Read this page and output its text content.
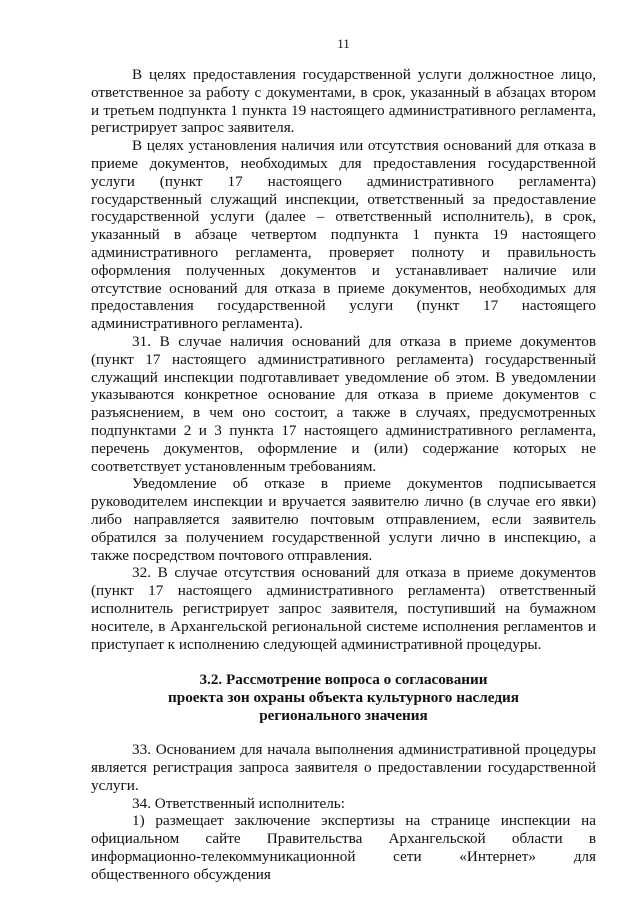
11

В целях предоставления государственной услуги должностное лицо, ответственное за работу с документами, в срок, указанный в абзацах втором и третьем подпункта 1 пункта 19 настоящего административного регламента, регистрирует запрос заявителя.

В целях установления наличия или отсутствия оснований для отказа в приеме документов, необходимых для предоставления государственной услуги (пункт 17 настоящего административного регламента) государственный служащий инспекции, ответственный за предоставление государственной услуги (далее – ответственный исполнитель), в срок, указанный в абзаце четвертом подпункта 1 пункта 19 настоящего административного регламента, проверяет полноту и правильность оформления полученных документов и устанавливает наличие или отсутствие оснований для отказа в приеме документов, необходимых для предоставления государственной услуги (пункт 17 настоящего административного регламента).

31. В случае наличия оснований для отказа в приеме документов (пункт 17 настоящего административного регламента) государственный служащий инспекции подготавливает уведомление об этом. В уведомлении указываются конкретное основание для отказа в приеме документов с разъяснением, в чем оно состоит, а также в случаях, предусмотренных подпунктами 2 и 3 пункта 17 настоящего административного регламента, перечень документов, оформление и (или) содержание которых не соответствует установленным требованиям.

Уведомление об отказе в приеме документов подписывается руководителем инспекции и вручается заявителю лично (в случае его явки) либо направляется заявителю почтовым отправлением, если заявитель обратился за получением государственной услуги лично в инспекцию, а также посредством почтового отправления.

32. В случае отсутствия оснований для отказа в приеме документов (пункт 17 настоящего административного регламента) ответственный исполнитель регистрирует запрос заявителя, поступивший на бумажном носителе, в Архангельской региональной системе исполнения регламентов и приступает к исполнению следующей административной процедуры.

3.2. Рассмотрение вопроса о согласовании
проекта зон охраны объекта культурного наследия
регионального значения

33. Основанием для начала выполнения административной процедуры является регистрация запроса заявителя о предоставлении государственной услуги.

34. Ответственный исполнитель:

1) размещает заключение экспертизы на странице инспекции на официальном сайте Правительства Архангельской области в информационно-телекоммуникационной сети «Интернет» для общественного обсуждения
